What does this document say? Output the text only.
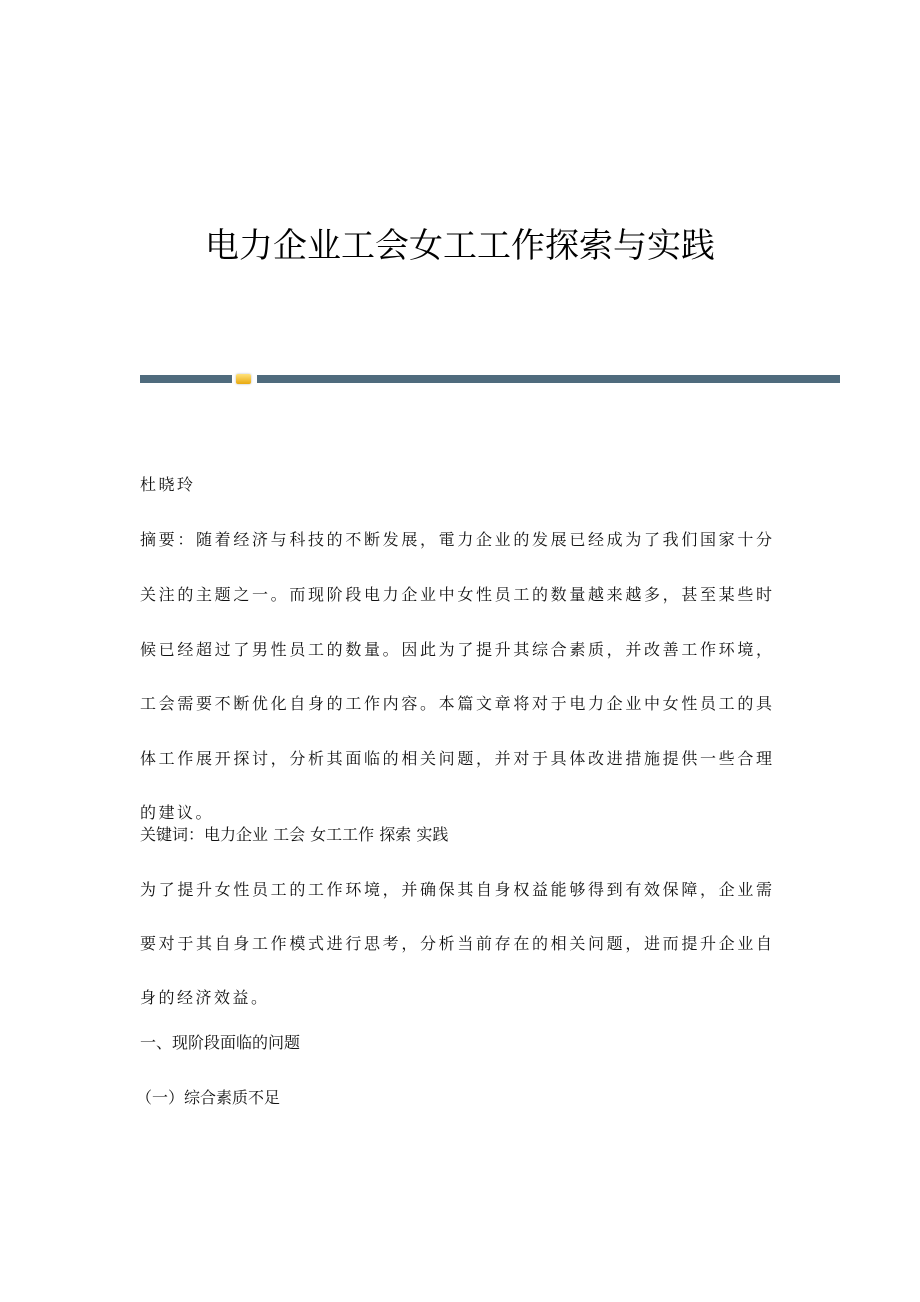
电力企业工会女工工作探索与实践
杜晓玲
摘要：随着经济与科技的不断发展，電力企业的发展已经成为了我们国家十分
关注的主题之一。而现阶段电力企业中女性员工的数量越来越多，甚至某些时
候已经超过了男性员工的数量。因此为了提升其综合素质，并改善工作环境，
工会需要不断优化自身的工作内容。本篇文章将对于电力企业中女性员工的具
体工作展开探讨，分析其面临的相关问题，并对于具体改进措施提供一些合理
的建议。
关键词：电力企业 工会 女工工作 探索 实践
为了提升女性员工的工作环境，并确保其自身权益能够得到有效保障，企业需
要对于其自身工作模式进行思考，分析当前存在的相关问题，进而提升企业自
身的经济效益。
一、现阶段面临的问题
（一）综合素质不足
